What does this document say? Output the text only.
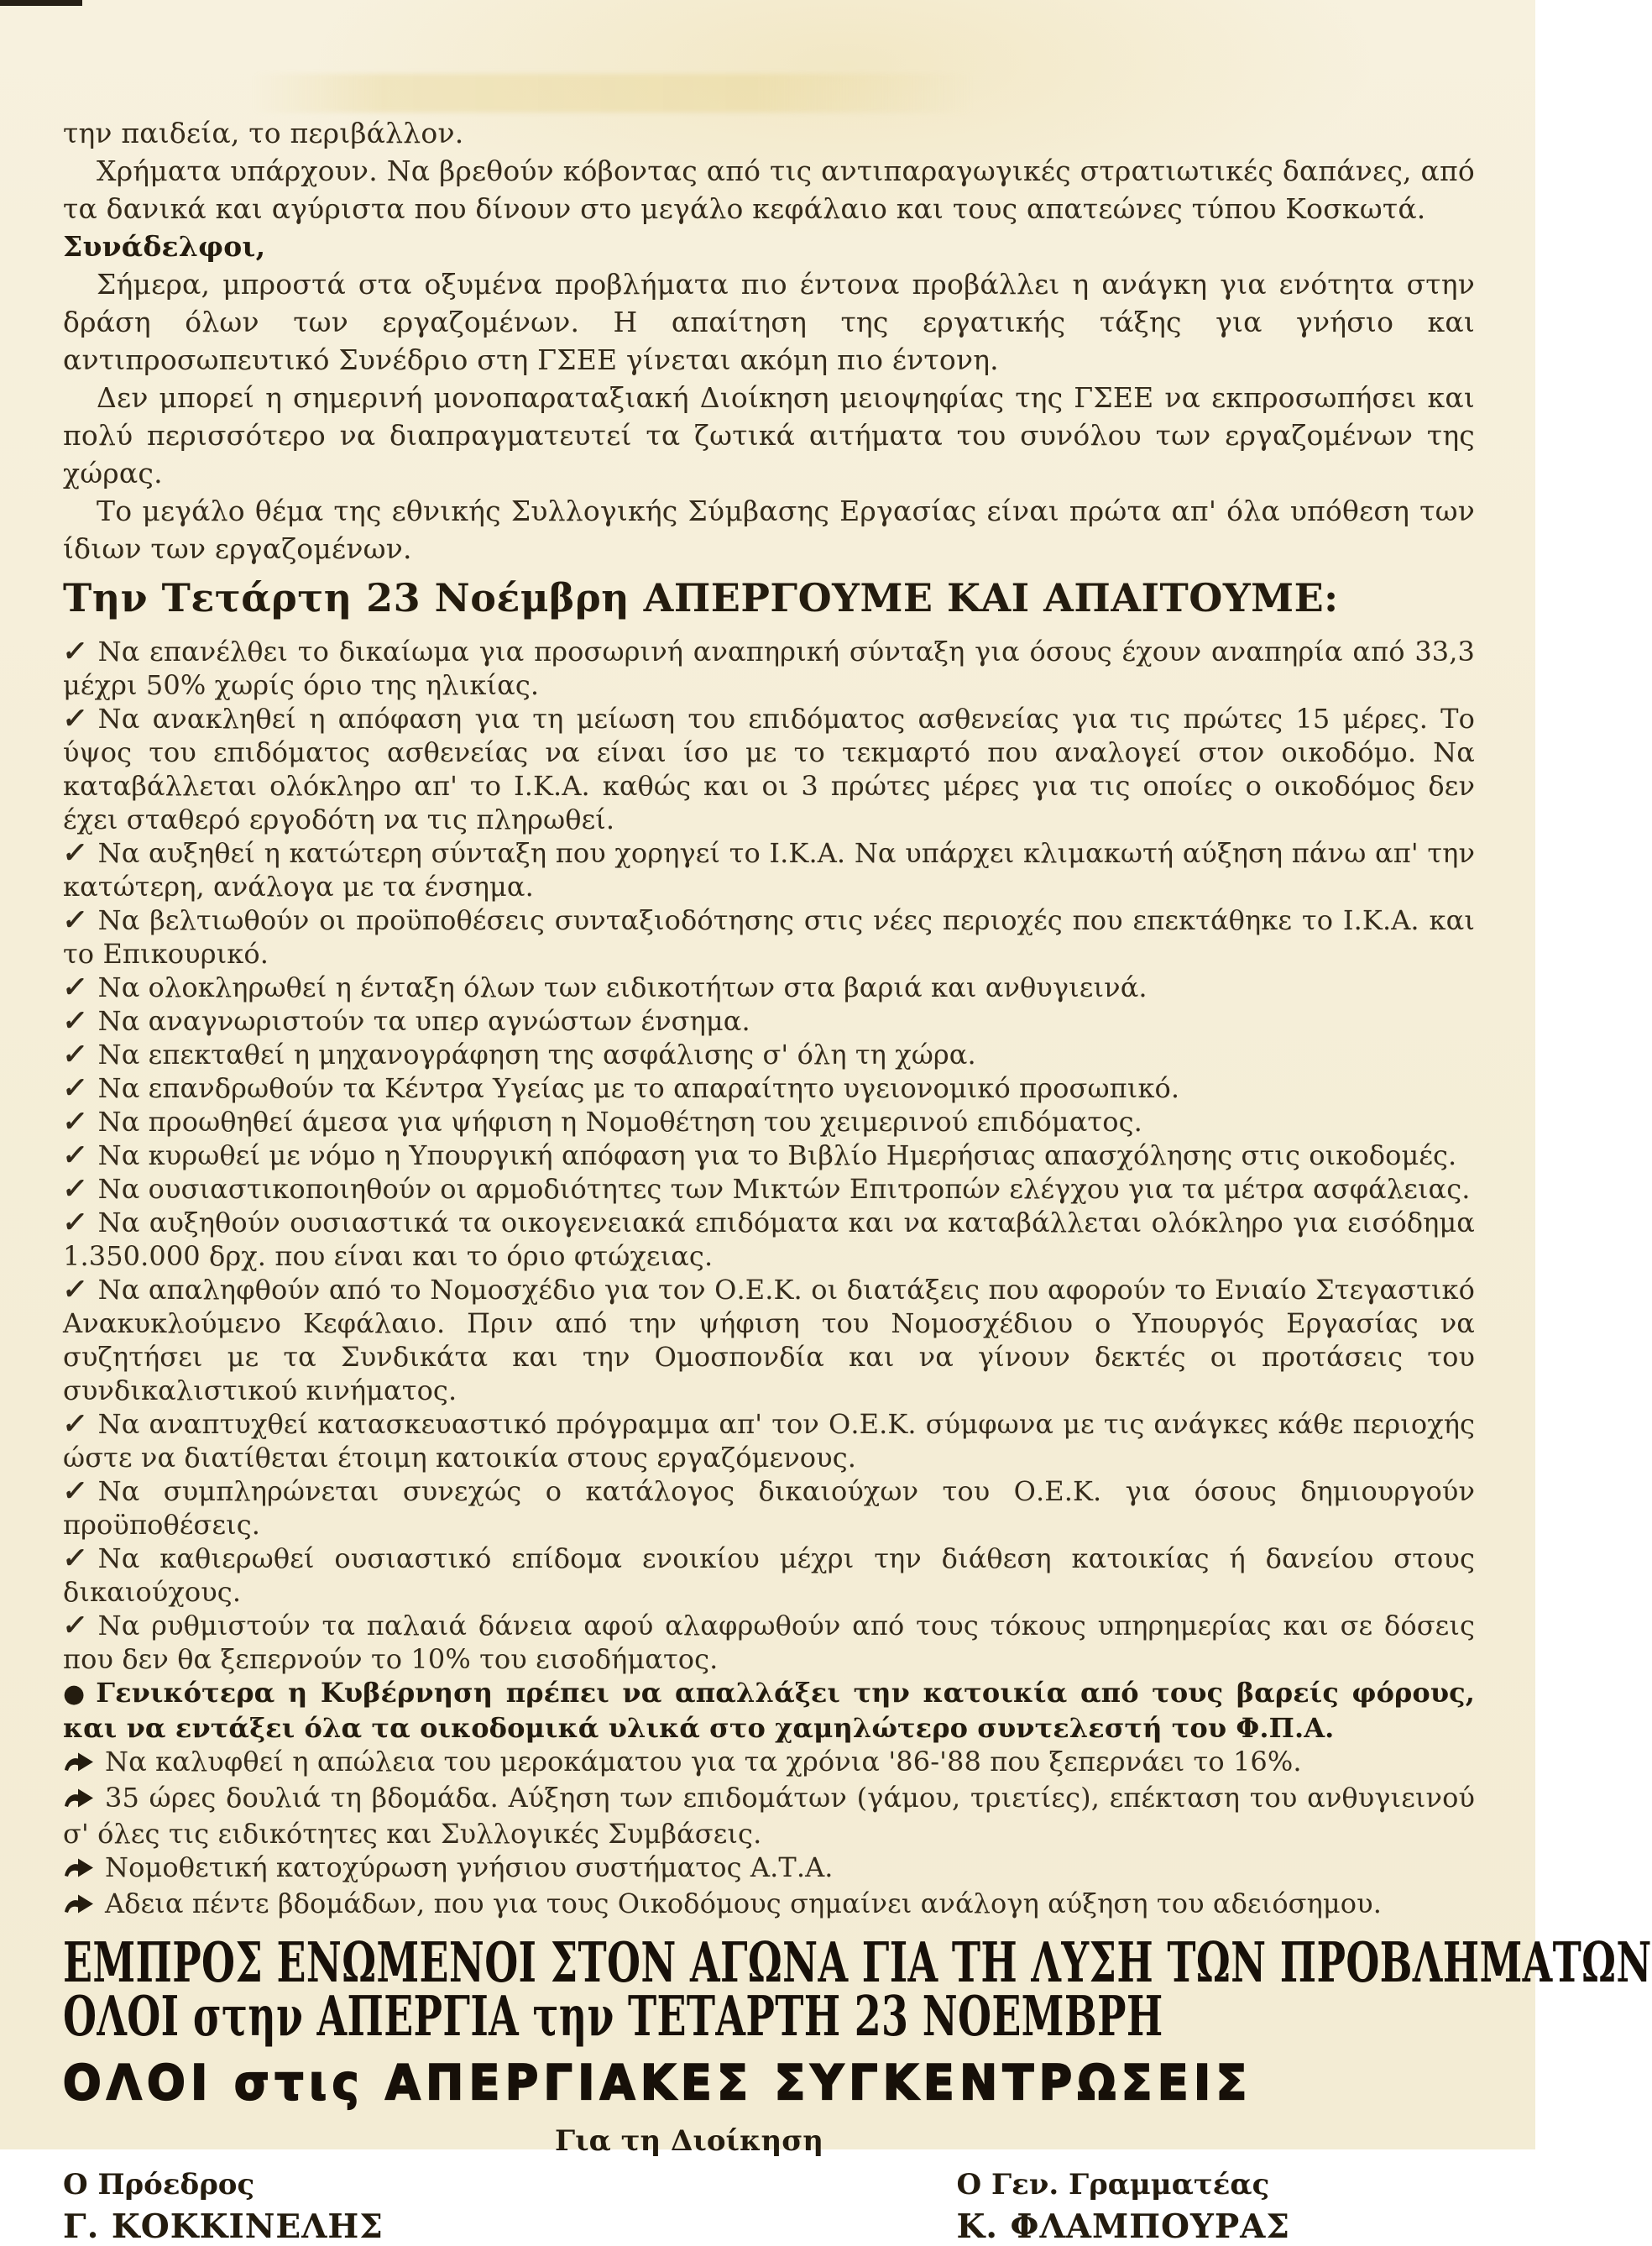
την παιδεία, το περιβάλλον.

Χρήματα υπάρχουν. Να βρεθούν κόβοντας από τις αντιπαραγωγικές στρατιωτικές δαπάνες, από τα δανικά και αγύριστα που δίνουν στο μεγάλο κεφάλαιο και τους απατεώνες τύπου Κοσκωτά.

Συνάδελφοι,

Σήμερα, μπροστά στα οξυμένα προβλήματα πιο έντονα προβάλλει η ανάγκη για ενότητα στην δράση όλων των εργαζομένων. Η απαίτηση της εργατικής τάξης για γνήσιο και αντιπροσωπευτικό Συνέδριο στη ΓΣΕΕ γίνεται ακόμη πιο έντονη.

Δεν μπορεί η σημερινή μονοπαραταξιακή Διοίκηση μειοψηφίας της ΓΣΕΕ να εκπροσωπήσει και πολύ περισσότερο να διαπραγματευτεί τα ζωτικά αιτήματα του συνόλου των εργαζομένων της χώρας.

Το μεγάλο θέμα της εθνικής Συλλογικής Σύμβασης Εργασίας είναι πρώτα απ' όλα υπόθεση των ίδιων των εργαζομένων.

Την Τετάρτη 23 Νοέμβρη ΑΠΕΡΓΟΥΜΕ ΚΑΙ ΑΠΑΙΤΟΥΜΕ:
✓ Να επανέλθει το δικαίωμα για προσωρινή αναπηρική σύνταξη για όσους έχουν αναπηρία από 33,3 μέχρι 50% χωρίς όριο της ηλικίας.
✓ Να ανακληθεί η απόφαση για τη μείωση του επιδόματος ασθενείας για τις πρώτες 15 μέρες. Το ύψος του επιδόματος ασθενείας να είναι ίσο με το τεκμαρτό που αναλογεί στον οικοδόμο. Να καταβάλλεται ολόκληρο απ' το Ι.Κ.Α. καθώς και οι 3 πρώτες μέρες για τις οποίες ο οικοδόμος δεν έχει σταθερό εργοδότη να τις πληρωθεί.
✓ Να αυξηθεί η κατώτερη σύνταξη που χορηγεί το Ι.Κ.Α. Να υπάρχει κλιμακωτή αύξηση πάνω απ' την κατώτερη, ανάλογα με τα ένσημα.
✓ Να βελτιωθούν οι προϋποθέσεις συνταξιοδότησης στις νέες περιοχές που επεκτάθηκε το Ι.Κ.Α. και το Επικουρικό.
✓ Να ολοκληρωθεί η ένταξη όλων των ειδικοτήτων στα βαριά και ανθυγιεινά.
✓ Να αναγνωριστούν τα υπερ αγνώστων ένσημα.
✓ Να επεκταθεί η μηχανογράφηση της ασφάλισης σ' όλη τη χώρα.
✓ Να επανδρωθούν τα Κέντρα Υγείας με το απαραίτητο υγειονομικό προσωπικό.
✓ Να προωθηθεί άμεσα για ψήφιση η Νομοθέτηση του χειμερινού επιδόματος.
✓ Να κυρωθεί με νόμο η Υπουργική απόφαση για το Βιβλίο Ημερήσιας απασχόλησης στις οικοδομές.
✓ Να ουσιαστικοποιηθούν οι αρμοδιότητες των Μικτών Επιτροπών ελέγχου για τα μέτρα ασφάλειας.
✓ Να αυξηθούν ουσιαστικά τα οικογενειακά επιδόματα και να καταβάλλεται ολόκληρο για εισόδημα 1.350.000 δρχ. που είναι και το όριο φτώχειας.
✓ Να απαληφθούν από το Νομοσχέδιο για τον Ο.Ε.Κ. οι διατάξεις που αφορούν το Ενιαίο Στεγαστικό Ανακυκλούμενο Κεφάλαιο. Πριν από την ψήφιση του Νομοσχέδιου ο Υπουργός Εργασίας να συζητήσει με τα Συνδικάτα και την Ομοσπονδία και να γίνουν δεκτές οι προτάσεις του συνδικαλιστικού κινήματος.
✓ Να αναπτυχθεί κατασκευαστικό πρόγραμμα απ' τον Ο.Ε.Κ. σύμφωνα με τις ανάγκες κάθε περιοχής ώστε να διατίθεται έτοιμη κατοικία στους εργαζόμενους.
✓ Να συμπληρώνεται συνεχώς ο κατάλογος δικαιούχων του Ο.Ε.Κ. για όσους δημιουργούν προϋποθέσεις.
✓ Να καθιερωθεί ουσιαστικό επίδομα ενοικίου μέχρι την διάθεση κατοικίας ή δανείου στους δικαιούχους.
✓ Να ρυθμιστούν τα παλαιά δάνεια αφού αλαφρωθούν από τους τόκους υπηρημερίας και σε δόσεις που δεν θα ξεπερνούν το 10% του εισοδήματος.
● Γενικότερα η Κυβέρνηση πρέπει να απαλλάξει την κατοικία από τους βαρείς φόρους, και να εντάξει όλα τα οικοδομικά υλικά στο χαμηλώτερο συντελεστή του Φ.Π.Α.
Να καλυφθεί η απώλεια του μεροκάματου για τα χρόνια '86-'88 που ξεπερνάει το 16%.
35 ώρες δουλιά τη βδομάδα. Αύξηση των επιδομάτων (γάμου, τριετίες), επέκταση του ανθυγιεινού σ' όλες τις ειδικότητες και Συλλογικές Συμβάσεις.
Νομοθετική κατοχύρωση γνήσιου συστήματος Α.Τ.Α.
Αδεια πέντε βδομάδων, που για τους Οικοδόμους σημαίνει ανάλογη αύξηση του αδειόσημου.
ΕΜΠΡΟΣ ΕΝΩΜΕΝΟΙ ΣΤΟΝ ΑΓΩΝΑ ΓΙΑ ΤΗ ΛΥΣΗ ΤΩΝ ΠΡΟΒΛΗΜΑΤΩΝ
ΟΛΟΙ στην ΑΠΕΡΓΙΑ την ΤΕΤΑΡΤΗ 23 ΝΟΕΜΒΡΗ
ΟΛΟΙ στις ΑΠΕΡΓΙΑΚΕΣ ΣΥΓΚΕΝΤΡΩΣΕΙΣ
Για τη Διοίκηση
Ο Πρόεδρος
Γ. ΚΟΚΚΙΝΕΛΗΣ
Ο Γεν. Γραμματέας
Κ. ΦΛΑΜΠΟΥΡΑΣ
